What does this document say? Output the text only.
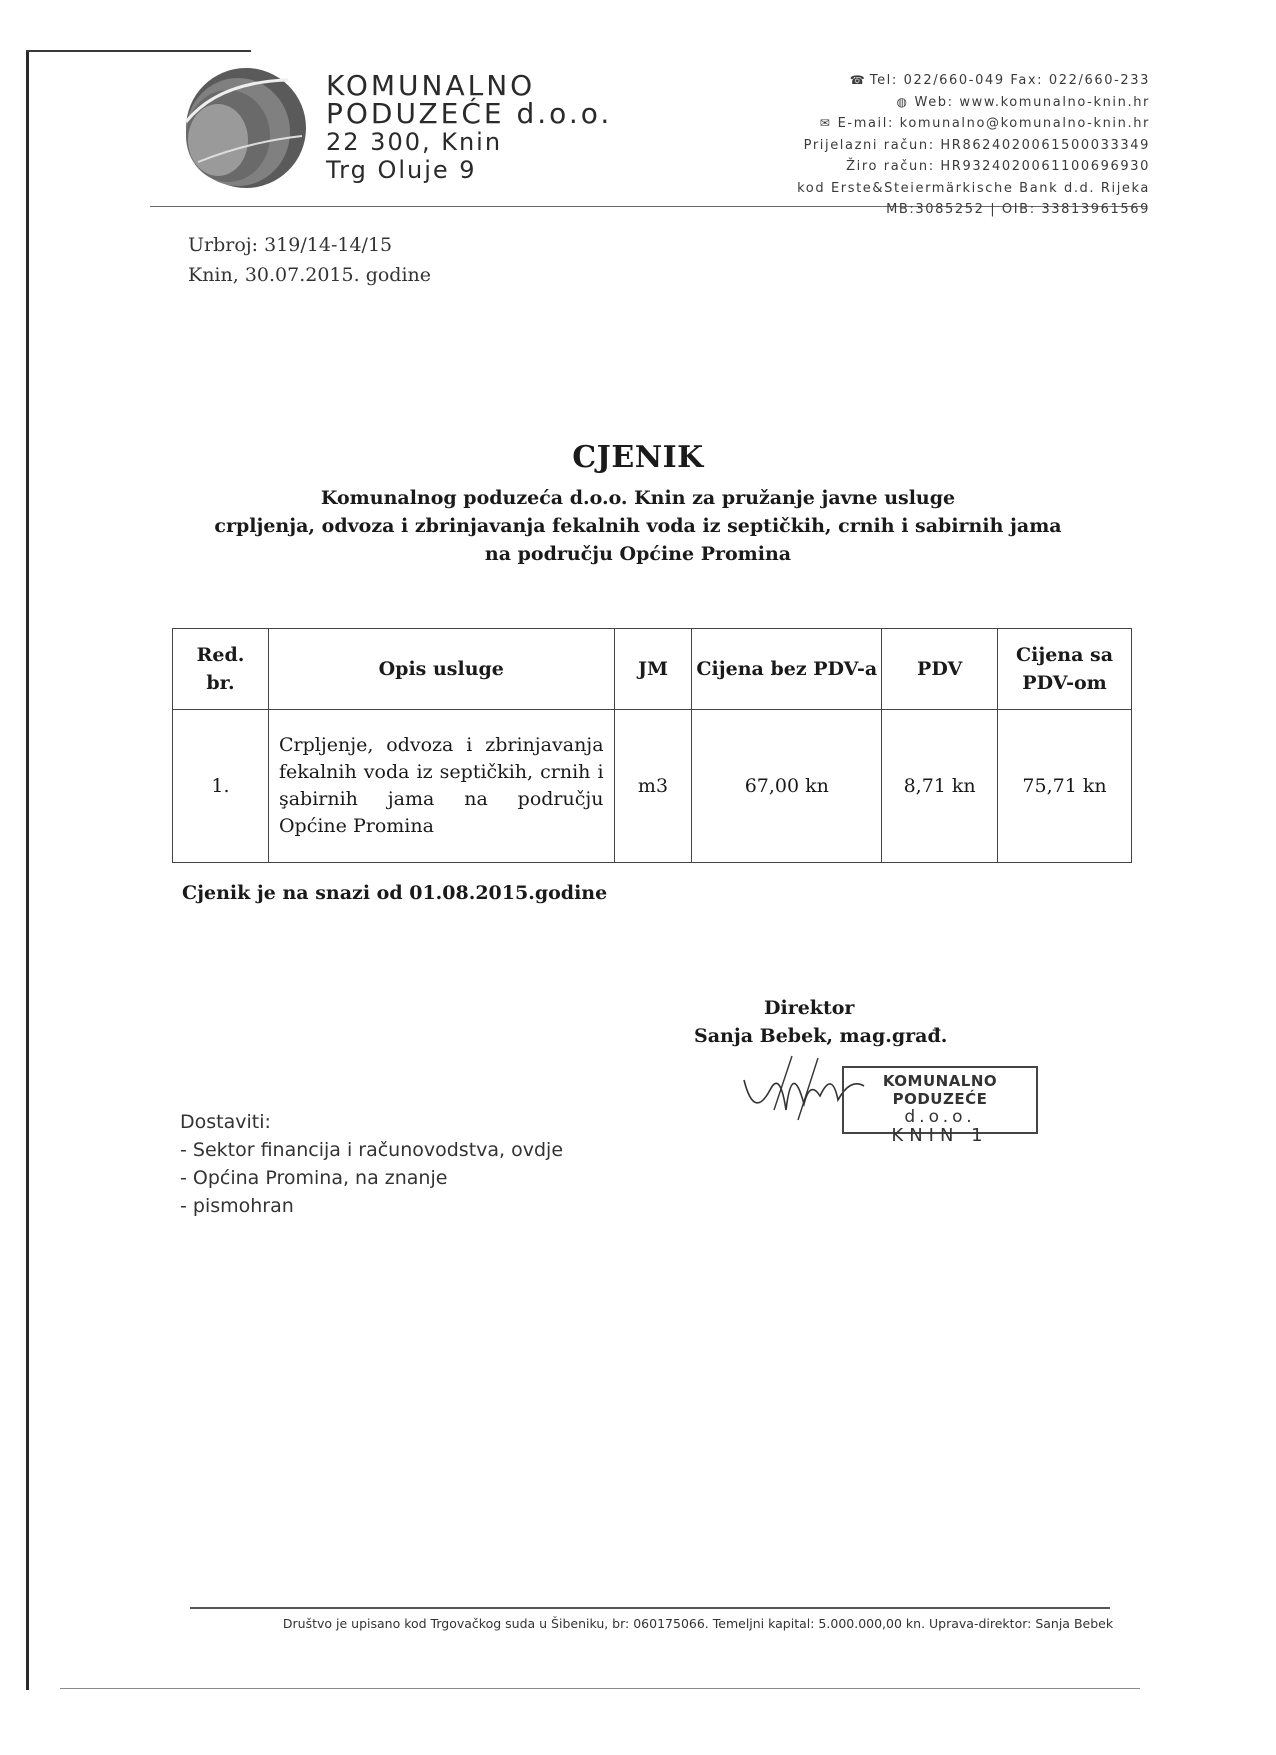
KOMUNALNO
PODUZEĆE d.o.o.
22 300, Knin
Trg Oluje 9
☎ Tel: 022/660-049 Fax: 022/660-233
◍ Web: www.komunalno-knin.hr
✉ E-mail: komunalno@komunalno-knin.hr
Prijelazni račun: HR8624020061500033349
Žiro račun: HR9324020061100696930
kod Erste&Steiermärkische Bank d.d. Rijeka
MB:3085252 | OIB: 33813961569
Urbroj: 319/14-14/15
Knin, 30.07.2015. godine
CJENIK
Komunalnog poduzeća d.o.o. Knin za pružanje javne usluge
crpljenja, odvoza i zbrinjavanja fekalnih voda iz septičkih, crnih i sabirnih jama
na području Općine Promina
Red. br.	Opis usluge	JM	Cijena bez PDV-a	PDV	Cijena sa PDV-om
1.	Crpljenje, odvoza i zbrinjavanja fekalnih voda iz septičkih, crnih i şabirnih jama na području Općine Promina	m3	67,00 kn	8,71 kn	75,71 kn
Cjenik je na snazi od 01.08.2015.godine
Direktor
Sanja Bebek, mag.građ.
KOMUNALNO PODUZEĆE
d.o.o.
KNIN 1
Dostaviti:
- Sektor financija i računovodstva, ovdje
- Općina Promina, na znanje
- pismohran
Društvo je upisano kod Trgovačkog suda u Šibeniku, br: 060175066. Temeljni kapital: 5.000.000,00 kn. Uprava-direktor: Sanja Bebek
